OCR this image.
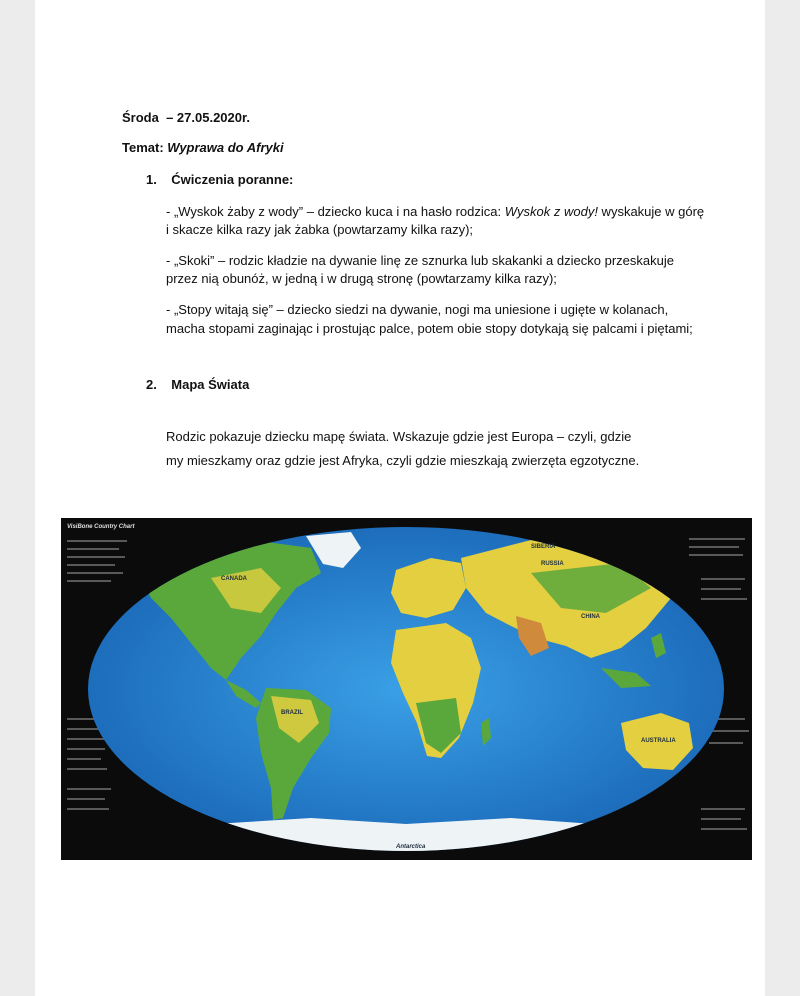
Środa – 27.05.2020r.
Temat: Wyprawa do Afryki
1. Ćwiczenia poranne:
- „Wyskok żaby z wody” – dziecko kuca i na hasło rodzica: Wyskok z wody! wyskakuje w górę
i skacze kilka razy jak żabka (powtarzamy kilka razy);
- „Skoki” – rodzic kładzie na dywanie linę ze sznurka lub skakanki a dziecko przeskakuje
przez nią obunóż, w jedną i w drugą stronę (powtarzamy kilka razy);
- „Stopy witają się” – dziecko siedzi na dywanie, nogi ma uniesione i ugięte w kolanach,
macha stopami zaginając i prostując palce, potem obie stopy dotykają się palcami i piętami;
2. Mapa Świata
Rodzic pokazuje dziecku mapę świata. Wskazuje gdzie jest Europa – czyli, gdzie
my mieszkamy oraz gdzie jest Afryka, czyli gdzie mieszkają zwierzęta egzotyczne.
VisiBone Country Chart
CANADA
SIBERIA
RUSSIA
CHINA
BRAZIL
AUSTRALIA
Antarctica
